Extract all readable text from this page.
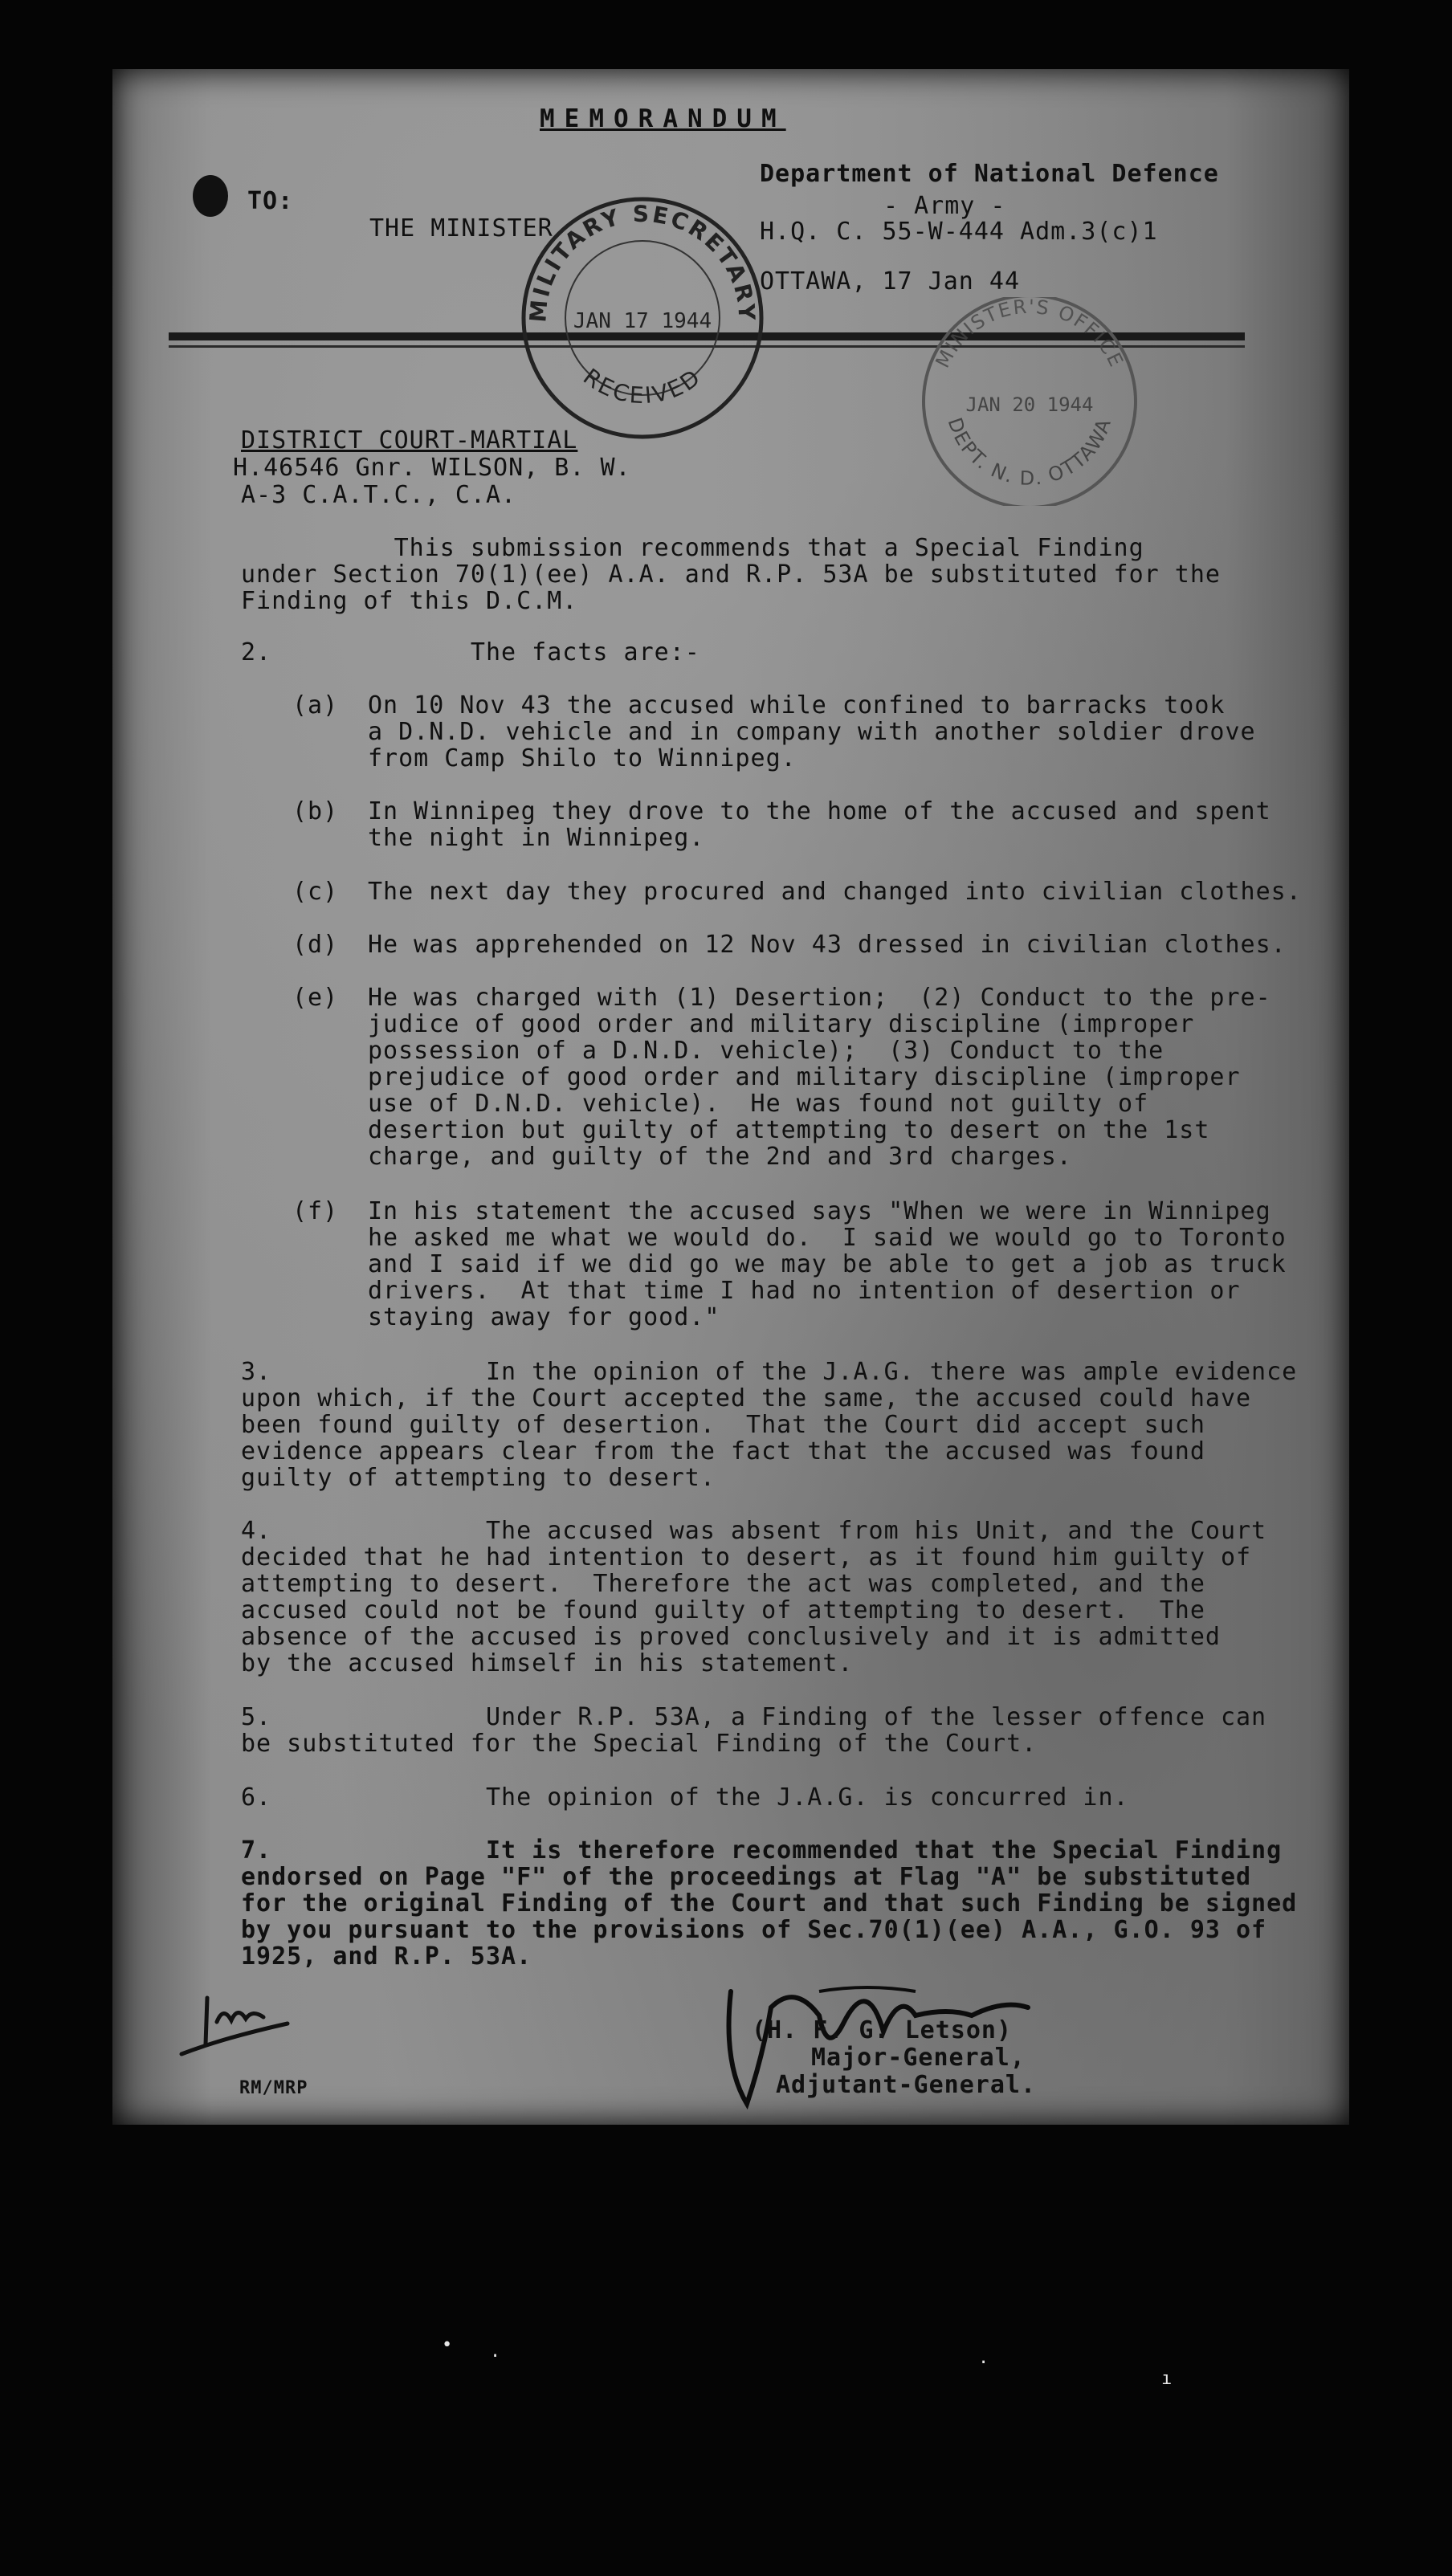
MEMORANDUM
TO:
THE MINISTER
Department of National Defence
- Army -
H.Q. C. 55-W-444 Adm.3(c)1
OTTAWA, 17 Jan 44
MILITARY SECRETARY
JAN 17 1944
RECEIVED
MINISTER'S OFFICE
JAN 20 1944
DEPT. N. D. OTTAWA
DISTRICT COURT-MARTIAL
H.46546 Gnr. WILSON, B. W.
A-3 C.A.T.C., C.A.
This submission recommends that a Special Finding
under Section 70(1)(ee) A.A. and R.P. 53A be substituted for the
Finding of this D.C.M.
2.             The facts are:-
(a) On 10 Nov 43 the accused while confined to barracks took
a D.N.D. vehicle and in company with another soldier drove
from Camp Shilo to Winnipeg.
(b) In Winnipeg they drove to the home of the accused and spent
the night in Winnipeg.
(c) The next day they procured and changed into civilian clothes.
(d) He was apprehended on 12 Nov 43 dressed in civilian clothes.
(e) He was charged with (1) Desertion;  (2) Conduct to the pre-
judice of good order and military discipline (improper
possession of a D.N.D. vehicle);  (3) Conduct to the
prejudice of good order and military discipline (improper
use of D.N.D. vehicle).  He was found not guilty of
desertion but guilty of attempting to desert on the 1st
charge, and guilty of the 2nd and 3rd charges.
(f) In his statement the accused says "When we were in Winnipeg
he asked me what we would do.  I said we would go to Toronto
and I said if we did go we may be able to get a job as truck
drivers.  At that time I had no intention of desertion or
staying away for good."
3.              In the opinion of the J.A.G. there was ample evidence
upon which, if the Court accepted the same, the accused could have
been found guilty of desertion.  That the Court did accept such
evidence appears clear from the fact that the accused was found
guilty of attempting to desert.
4.              The accused was absent from his Unit, and the Court
decided that he had intention to desert, as it found him guilty of
attempting to desert.  Therefore the act was completed, and the
accused could not be found guilty of attempting to desert.  The
absence of the accused is proved conclusively and it is admitted
by the accused himself in his statement.
5.              Under R.P. 53A, a Finding of the lesser offence can
be substituted for the Special Finding of the Court.
6.              The opinion of the J.A.G. is concurred in.
7.              It is therefore recommended that the Special Finding
endorsed on Page "F" of the proceedings at Flag "A" be substituted
for the original Finding of the Court and that such Finding be signed
by you pursuant to the provisions of Sec.70(1)(ee) A.A., G.O. 93 of
1925, and R.P. 53A.
(H. F. G. Letson)
Major-General,
Adjutant-General.
RM/MRP
•
·	·
ı
